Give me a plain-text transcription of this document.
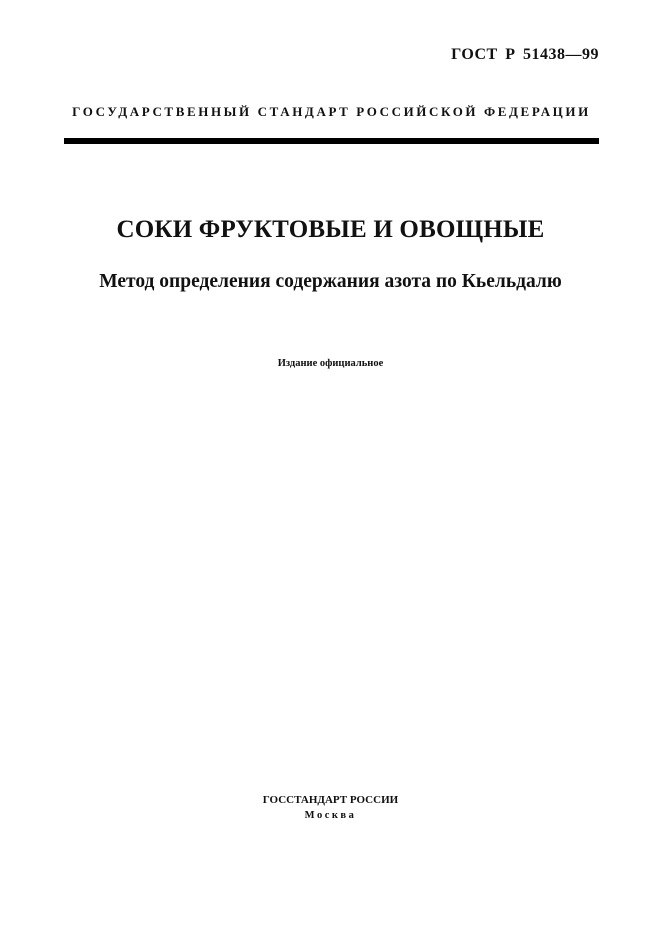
ГОСТ Р 51438—99
ГОСУДАРСТВЕННЫЙ СТАНДАРТ РОССИЙСКОЙ ФЕДЕРАЦИИ
СОКИ ФРУКТОВЫЕ И ОВОЩНЫЕ
Метод определения содержания азота по Кьельдалю
Издание официальное
ГОССТАНДАРТ РОССИИ
Москва
